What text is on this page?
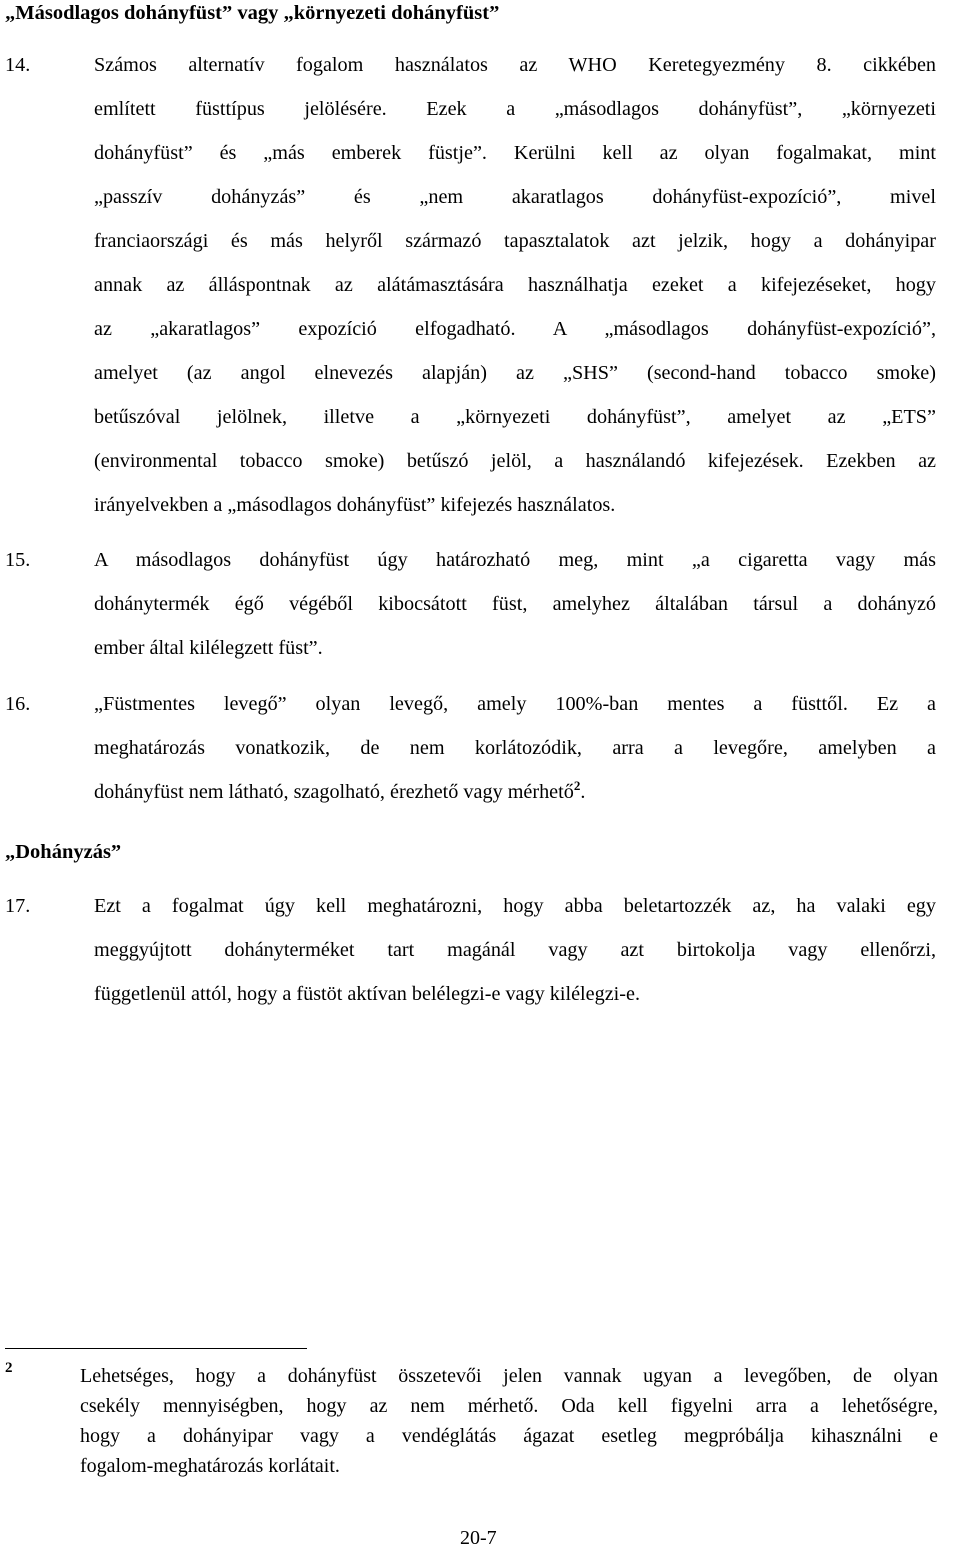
„Másodlagos dohányfüst” vagy „környezeti dohányfüst”
14.	Számos alternatív fogalom használatos az WHO Keretegyezmény 8. cikkében
említett füsttípus jelölésére. Ezek a „másodlagos dohányfüst”, „környezeti
dohányfüst” és „más emberek füstje”. Kerülni kell az olyan fogalmakat, mint
„passzív dohányzás” és „nem akaratlagos dohányfüst-expozíció”, mivel
franciaországi és más helyről származó tapasztalatok azt jelzik, hogy a dohányipar
annak az álláspontnak az alátámasztására használhatja ezeket a kifejezéseket, hogy
az „akaratlagos” expozíció elfogadható. A „másodlagos dohányfüst-expozíció”,
amelyet (az angol elnevezés alapján) az „SHS” (second-hand tobacco smoke)
betűszóval jelölnek, illetve a „környezeti dohányfüst”, amelyet az „ETS”
(environmental tobacco smoke) betűszó jelöl, a használandó kifejezések. Ezekben az
irányelvekben a „másodlagos dohányfüst” kifejezés használatos.
15.	A másodlagos dohányfüst úgy határozható meg, mint „a cigaretta vagy más
dohánytermék égő végéből kibocsátott füst, amelyhez általában társul a dohányzó
ember által kilélegzett füst”.
16.	„Füstmentes levegő” olyan levegő, amely 100%-ban mentes a füsttől. Ez a
meghatározás vonatkozik, de nem korlátozódik, arra a levegőre, amelyben a
dohányfüst nem látható, szagolható, érezhető vagy mérhető$^2$.
„Dohányzás”
17.	Ezt a fogalmat úgy kell meghatározni, hogy abba beletartozzék az, ha valaki egy
meggyújtott dohányterméket tart magánál vagy azt birtokolja vagy ellenőrzi,
függetlenül attól, hogy a füstöt aktívan belélegzi-e vagy kilélegzi-e.
2	Lehetséges, hogy a dohányfüst összetevői jelen vannak ugyan a levegőben, de olyan
csekély mennyiségben, hogy az nem mérhető. Oda kell figyelni arra a lehetőségre,
hogy a dohányipar vagy a vendéglátás ágazat esetleg megpróbálja kihasználni e
fogalom-meghatározás korlátait.
20-7
